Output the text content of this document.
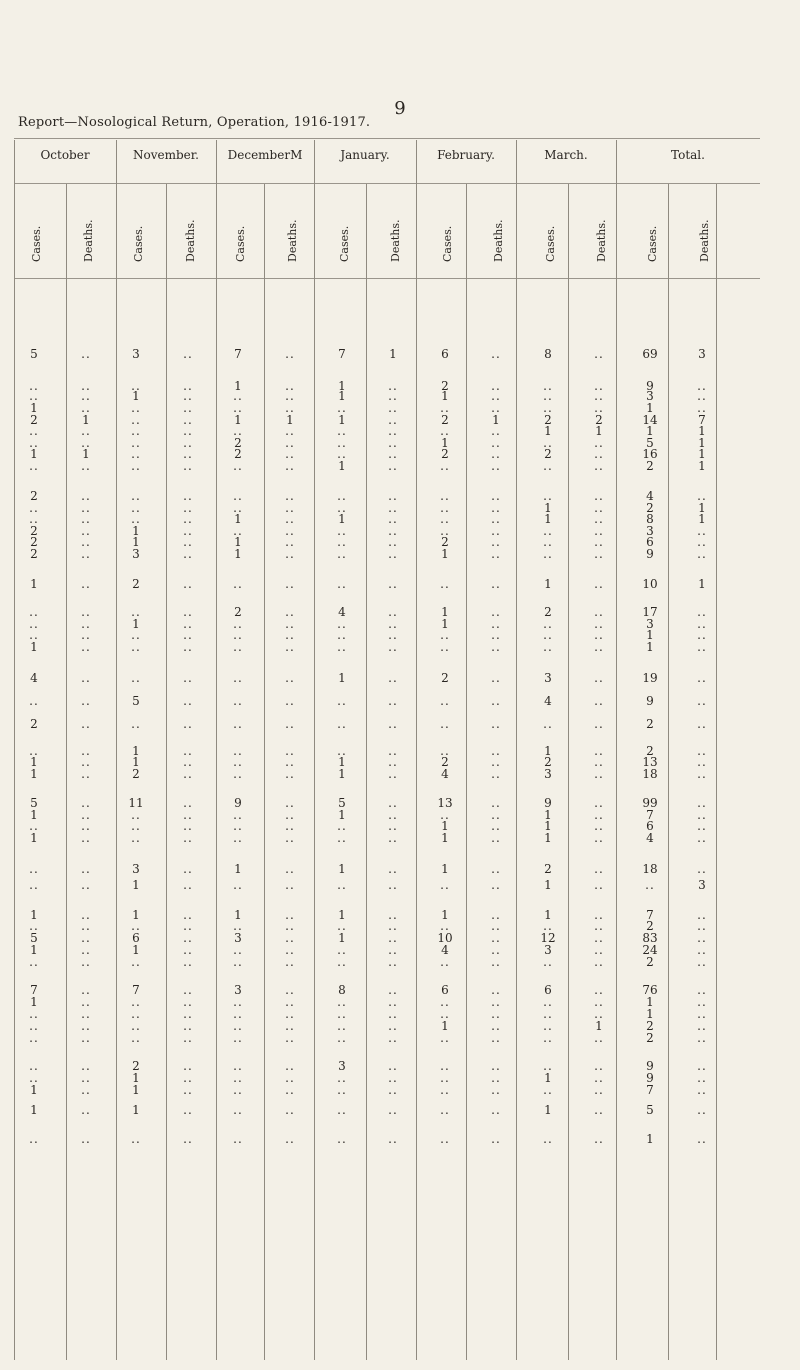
9
Report—Nosological Return, Operation, 1916-1917.
October	November.	DecemberM	January.	February.	March.	Total.
Cases.	Deaths.	Cases.	Deaths.	Cases.	Deaths.	Cases.	Deaths.	Cases.	Deaths.	Cases.	Deaths.	Cases.	Deaths.
5	..	3	..	7	..	7	1	6	..	8	..	69	3
..	..	..	..	1	..	1	..	2	..	..	..	9	..
..	..	1	..	..	..	1	..	1	..	..	..	3	..
1	..	..	..	..	..	..	..	..	..	..	..	1	..
2	1	..	..	1	1	1	..	2	1	2	2	14	7
..	..	..	..	..	..	..	..	..	..	1	1	1	1
..	..	..	..	2	..	..	..	1	..	..	..	5	1
1	1	..	..	2	..	..	..	2	..	2	..	16	1
..	..	..	..	..	..	1	..	..	..	..	..	2	1
2	..	..	..	..	..	..	..	..	..	..	..	4	..
..	..	..	..	..	..	..	..	..	..	1	..	2	1
..	..	..	..	1	..	1	..	..	..	1	..	8	1
2	..	1	..	..	..	..	..	..	..	..	..	3	..
2	..	1	..	1	..	..	..	2	..	..	..	6	..
2	..	3	..	1	..	..	..	1	..	..	..	9	..
1	..	2	..	..	..	..	..	..	..	1	..	10	1
..	..	..	..	2	..	4	..	1	..	2	..	17	..
..	..	1	..	..	..	..	..	1	..	..	..	3	..
..	..	..	..	..	..	..	..	..	..	..	..	1	..
1	..	..	..	..	..	..	..	..	..	..	..	1	..
4	..	..	..	..	..	1	..	2	..	3	..	19	..
..	..	5	..	..	..	..	..	..	..	4	..	9	..
2	..	..	..	..	..	..	..	..	..	..	..	2	..
..	..	1	..	..	..	..	..	..	..	1	..	2	..
1	..	1	..	..	..	1	..	2	..	2	..	13	..
1	..	2	..	..	..	1	..	4	..	3	..	18	..
5	..	11	..	9	..	5	..	13	..	9	..	99	..
1	..	..	..	..	..	1	..	..	..	1	..	7	..
..	..	..	..	..	..	..	..	1	..	1	..	6	..
1	..	..	..	..	..	..	..	1	..	1	..	4	..
..	..	3	..	1	..	1	..	1	..	2	..	18	..
..	..	1	..	..	..	..	..	..	..	1	..	..	3
1	..	1	..	1	..	1	..	1	..	1	..	7	..
..	..	..	..	..	..	..	..	..	..	..	..	2	..
5	..	6	..	3	..	1	..	10	..	12	..	83	..
1	..	1	..	..	..	..	..	4	..	3	..	24	..
..	..	..	..	..	..	..	..	..	..	..	..	2	..
7	..	7	..	3	..	8	..	6	..	6	..	76	..
1	..	..	..	..	..	..	..	..	..	..	..	1	..
..	..	..	..	..	..	..	..	..	..	..	..	1	..
..	..	..	..	..	..	..	..	1	..	..	1	2	..
..	..	..	..	..	..	..	..	..	..	..	..	2	..
..	..	2	..	..	..	3	..	..	..	..	..	9	..
..	..	1	..	..	..	..	..	..	..	1	..	9	..
1	..	1	..	..	..	..	..	..	..	..	..	7	..
1	..	1	..	..	..	..	..	..	..	1	..	5	..
..	..	..	..	..	..	..	..	..	..	..	..	1	..
